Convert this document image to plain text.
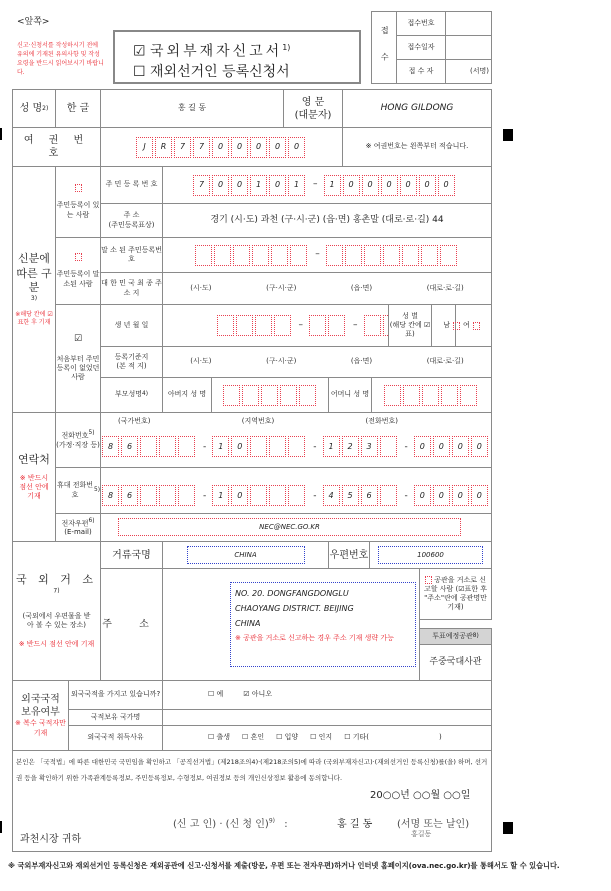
<앞쪽>
신고·신청서를 작성하시기 전에 유의에 기재된 유의사항 및 작성요령을 반드시 읽어보시기 바랍니다.
☑ 국외부재자신고서$^{1)}$
☐ 재외선거인 등록신청서
접 수
접수번호
접수일자
접 수 자	(서명)
성 명 2)	한 글	홍 길 동
영 문
(대문자)
HONG GILDONG
여 권 번 호
J R 7 7 0 0 0 0 0	※ 여권번호는 왼쪽부터 적습니다.
신분에 따른 구 분
3)
※해당 칸에 ☑표한 후 기재

주민등록이 있는 사람
주 민 등 록 번 호	7 0 0 1 0 1	–	1 0 0 0 0 0 0
주 소
(주민등록표상)	경기 (시·도) 과천 (구·시·군) (읍·면) 홍촌말 (대로·로·길) 44

주민등록이 말소된 사람
말 소 된 주민등록번호	–
대 한 민 국 최 종 주 소 지
(시·도)	(구·시·군)	(읍·면)	(대로·로·길)
☑

처음부터 주민등록이 없었던 사람
생 년 월 일	–	–
성 별
(해당 칸에 ☑표)
남 여
등록기준지
(본 적 지)
(시·도)	(구·시·군)	(읍·면)	(대로·로·길)
부모성명 4)	아버지 성 명	어머니 성 명
연락처
※ 반드시 점선 안에 기재
전화번호$^{5)}$
(가정·직장 등)
(국가번호)	(지역번호)	(전화번호)
8 6	-	1 0	-	1 2 3	-	0 0 0 0
휴대 전화번호
5)
8 6	-	1 0	-	4 5 6	-	0 0 0 0
전자우편$^{6)}$
(E-mail)
NEC@NEC.GO.KR
국 외 거 소$^{7)}$
(국외에서 우편물을 받아 볼 수 있는 장소)
※ 반드시 점선 안에 기재
거류국명	CHINA	우편번호	100600
주 소
NO. 20. DONGFANGDONGLU
CHAOYANG DISTRICT. BEIJING
CHINA
※ 공관을 거소로 신고하는 경우 주소 기재 생략 가능
공관을 거소로 신고할 사람 (☑표한 후 "주소"란에 공관명만 기재)
투표예정공관 8)
주중국대사관
외국국적 보유여부
※ 복수 국적자만 기재
외국국적을 가지고 있습니까?	☐ 예	☑ 아니오
국적보유 국가명
외국국적 취득사유	☐ 출생 ☐ 혼인 ☐ 입양 ☐ 인지 ☐ 기타(	)
본인은 「국적법」에 따른 대한민국 국민임을 확인하고 「공직선거법」(제218조의4)·(제218조의5)에 따라 (국외부재자신고)·(재외선거인 등록신청)를(을) 하며, 선거권 등을 확인하기 위한 가족관계등록정보, 주민등록정보, 수형정보, 여권정보 등의 개인신상정보 활용에 동의합니다.
20○○년 ○○월 ○○일
(신 고 인) · (신 청 인)$^{9)}$ :	홍 길 동 (서명 또는 날인)
홍길동
과천시장 귀하
※ 국외부재자신고와 재외선거인 등록신청은 재외공관에 신고·신청서를 제출(방문, 우편 또는 전자우편)하거나 인터넷 홈페이지(ova.nec.go.kr)를 통해서도 할 수 있습니다.
